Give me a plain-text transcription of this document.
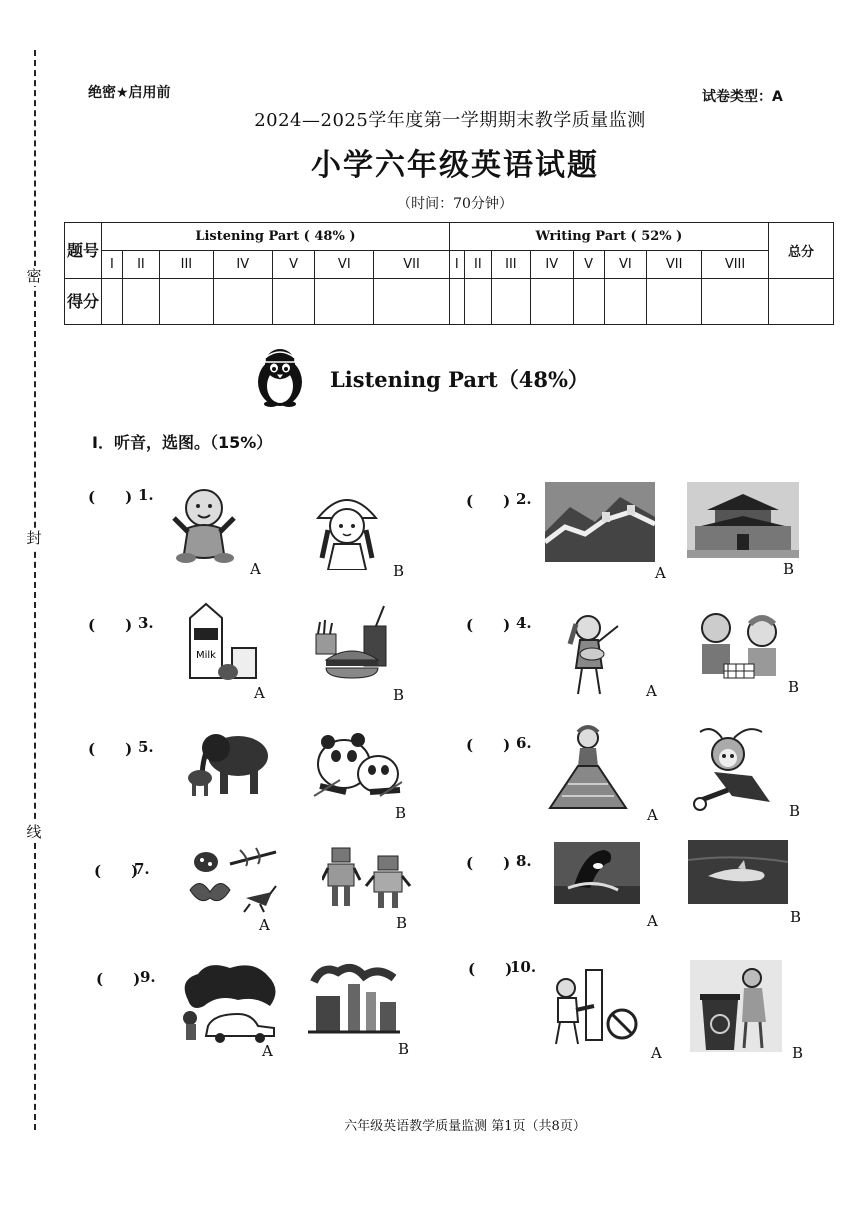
密
封
线
绝密★启用前	试卷类型：A
2024—2025学年度第一学期期末教学质量监测
小学六年级英语试题
（时间：70分钟）
题号	Listening Part ( 48% )							Writing Part ( 52% )								总分
	I	II	III	IV	V	VI	VII	I	II	III	IV	V	VI	VII	VIII	
得分																
Listening Part（48%）
I．听音，选图。（15%）
(　　) 1.
A	B
(　　) 2.
A	B
(　　) 3.
Milk
A	B
(　　) 4.
A	B
(　　) 5.
B
(　　) 6.
A	B
(　　)
7.
A	B
(　　) 8.
A	B
(　　) 9.
A	B
(　　)
10.
A	B
六年级英语教学质量监测 第1页（共8页）
